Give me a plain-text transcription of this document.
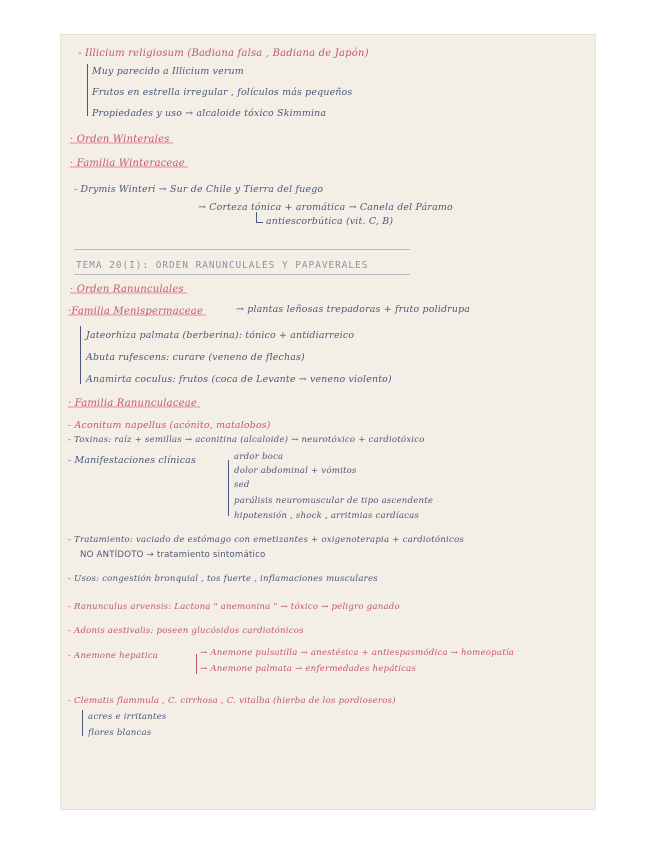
- Illicium religiosum (Badiana falsa , Badiana de Japón)
Muy parecido a Illicium verum
Frutos en estrella irregular , folículos más pequeños
Propiedades y uso → alcaloide tóxico Skimmina
· Orden Winterales
· Familia Winteraceae
- Drymis Winteri → Sur de Chile y Tierra del fuego
→ Corteza tónica + aromática → Canela del Páramo
antiescorbútica (vit. C, B)
TEMA 20(I): ORDEN RANUNCULALES Y PAPAVERALES
· Orden Ranunculales
·Familia Menispermaceae	→ plantas leñosas trepadoras + fruto polidrupa
Jateorhiza palmata (berberina): tónico + antidiarreico
Abuta rufescens: curare (veneno de flechas)
Anamirta coculus: frutos (coca de Levante → veneno violento)
· Familia Ranunculaceae
- Aconitum napellus (acónito, matalobos)
- Toxinas: raíz + semillas → aconitina (alcaloide) → neurotóxico + cardiotóxico
- Manifestaciones clínicas	ardor boca
dolor abdominal + vómitos
sed
parálisis neuromuscular de tipo ascendente
hipotensión , shock , arritmias cardíacas
- Tratamiento: vaciado de estómago con emetizantes + oxigenoterapia + cardiotónicos
NO ANTÍDOTO → tratamiento sintomático
- Usos: congestión bronquial , tos fuerte , inflamaciones musculares
- Ranunculus arvensis: Lactona " anemonina " → tóxico → peligro ganado
- Adonis aestivalis: poseen glucósidos cardiotónicos
- Anemone hepatica	→ Anemone pulsatilla → anestésica + antiespasmódica → homeopatía
→ Anemone palmata → enfermedades hepáticas
- Clematis flammula , C. cirrhosa , C. vitalba (hierba de los pordioseros)
acres e irritantes
flores blancas
